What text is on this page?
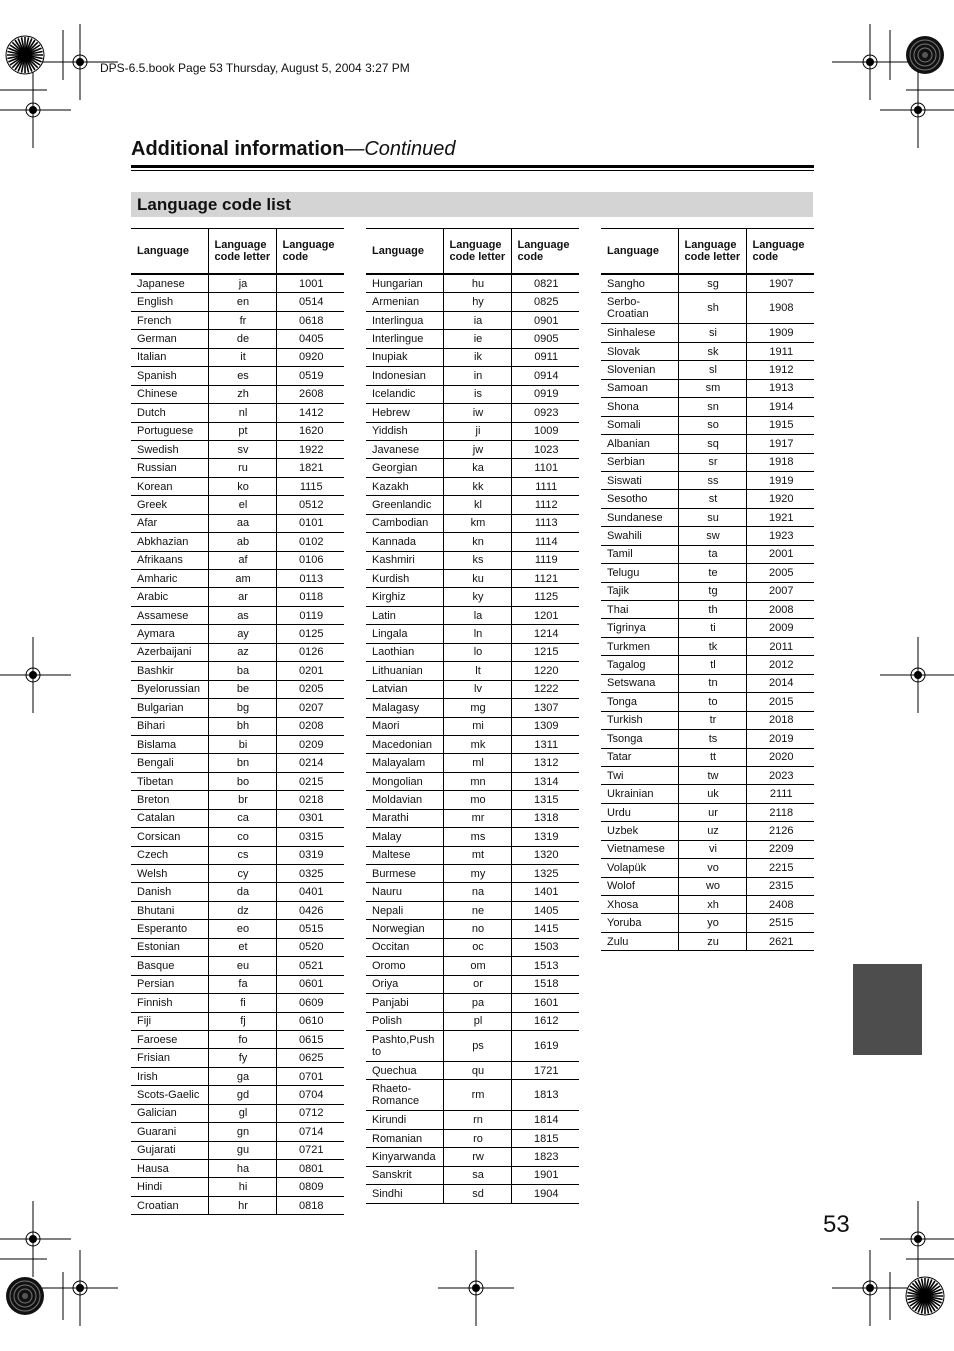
DPS-6.5.book Page 53 Thursday, August 5, 2004 3:27 PM
Additional information—Continued
Language code list
Language	Language code letter	Language code
Japanese	ja	1001
English	en	0514
French	fr	0618
German	de	0405
Italian	it	0920
Spanish	es	0519
Chinese	zh	2608
Dutch	nl	1412
Portuguese	pt	1620
Swedish	sv	1922
Russian	ru	1821
Korean	ko	1115
Greek	el	0512
Afar	aa	0101
Abkhazian	ab	0102
Afrikaans	af	0106
Amharic	am	0113
Arabic	ar	0118
Assamese	as	0119
Aymara	ay	0125
Azerbaijani	az	0126
Bashkir	ba	0201
Byelorussian	be	0205
Bulgarian	bg	0207
Bihari	bh	0208
Bislama	bi	0209
Bengali	bn	0214
Tibetan	bo	0215
Breton	br	0218
Catalan	ca	0301
Corsican	co	0315
Czech	cs	0319
Welsh	cy	0325
Danish	da	0401
Bhutani	dz	0426
Esperanto	eo	0515
Estonian	et	0520
Basque	eu	0521
Persian	fa	0601
Finnish	fi	0609
Fiji	fj	0610
Faroese	fo	0615
Frisian	fy	0625
Irish	ga	0701
Scots-Gaelic	gd	0704
Galician	gl	0712
Guarani	gn	0714
Gujarati	gu	0721
Hausa	ha	0801
Hindi	hi	0809
Croatian	hr	0818
Language	Language code letter	Language code
Hungarian	hu	0821
Armenian	hy	0825
Interlingua	ia	0901
Interlingue	ie	0905
Inupiak	ik	0911
Indonesian	in	0914
Icelandic	is	0919
Hebrew	iw	0923
Yiddish	ji	1009
Javanese	jw	1023
Georgian	ka	1101
Kazakh	kk	1111
Greenlandic	kl	1112
Cambodian	km	1113
Kannada	kn	1114
Kashmiri	ks	1119
Kurdish	ku	1121
Kirghiz	ky	1125
Latin	la	1201
Lingala	ln	1214
Laothian	lo	1215
Lithuanian	lt	1220
Latvian	lv	1222
Malagasy	mg	1307
Maori	mi	1309
Macedonian	mk	1311
Malayalam	ml	1312
Mongolian	mn	1314
Moldavian	mo	1315
Marathi	mr	1318
Malay	ms	1319
Maltese	mt	1320
Burmese	my	1325
Nauru	na	1401
Nepali	ne	1405
Norwegian	no	1415
Occitan	oc	1503
Oromo	om	1513
Oriya	or	1518
Panjabi	pa	1601
Polish	pl	1612
Pashto,Push to	ps	1619
Quechua	qu	1721
Rhaeto-Romance	rm	1813
Kirundi	rn	1814
Romanian	ro	1815
Kinyarwanda	rw	1823
Sanskrit	sa	1901
Sindhi	sd	1904
Language	Language code letter	Language code
Sangho	sg	1907
Serbo-Croatian	sh	1908
Sinhalese	si	1909
Slovak	sk	1911
Slovenian	sl	1912
Samoan	sm	1913
Shona	sn	1914
Somali	so	1915
Albanian	sq	1917
Serbian	sr	1918
Siswati	ss	1919
Sesotho	st	1920
Sundanese	su	1921
Swahili	sw	1923
Tamil	ta	2001
Telugu	te	2005
Tajik	tg	2007
Thai	th	2008
Tigrinya	ti	2009
Turkmen	tk	2011
Tagalog	tl	2012
Setswana	tn	2014
Tonga	to	2015
Turkish	tr	2018
Tsonga	ts	2019
Tatar	tt	2020
Twi	tw	2023
Ukrainian	uk	2111
Urdu	ur	2118
Uzbek	uz	2126
Vietnamese	vi	2209
Volapük	vo	2215
Wolof	wo	2315
Xhosa	xh	2408
Yoruba	yo	2515
Zulu	zu	2621
53
